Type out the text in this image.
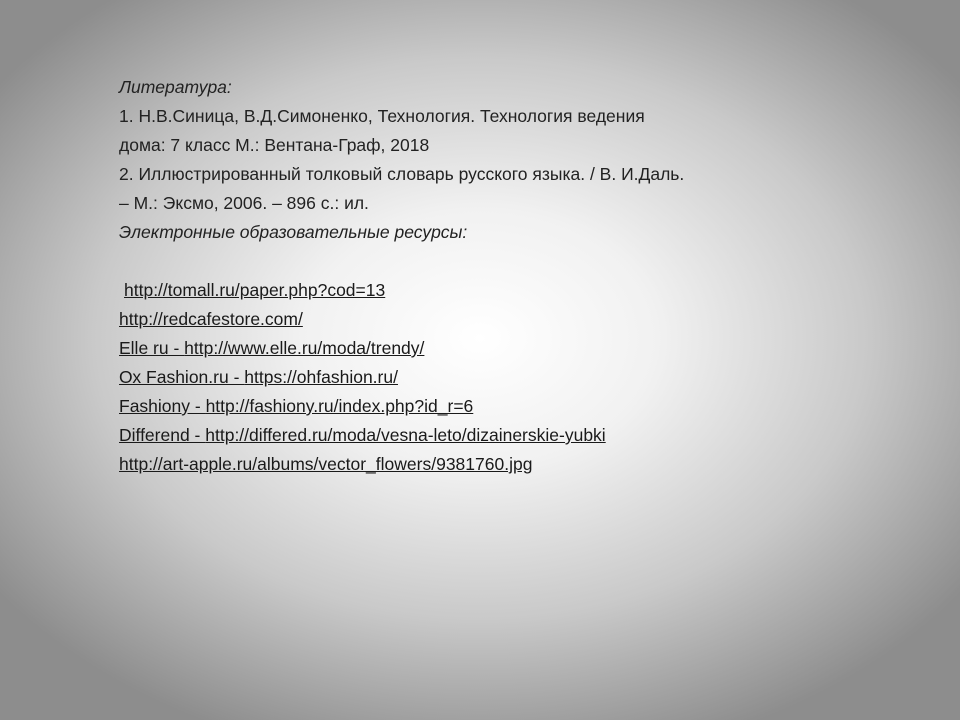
Литература:
1. Н.В.Синица, В.Д.Симоненко, Технология. Технология ведения
дома: 7 класс М.: Вентана-Граф, 2018
2. Иллюстрированный толковый словарь русского языка. / В. И.Даль.
– М.: Эксмо, 2006. – 896 с.: ил.
Электронные образовательные ресурсы:
http://tomall.ru/paper.php?cod=13
http://redcafestore.com/
Elle ru - http://www.elle.ru/moda/trendy/
Ох Fashion.ru - https://ohfashion.ru/
Fashiony - http://fashiony.ru/index.php?id_r=6
Differend - http://differed.ru/moda/vesna-leto/dizainerskie-yubki
http://art-apple.ru/albums/vector_flowers/9381760.jpg
